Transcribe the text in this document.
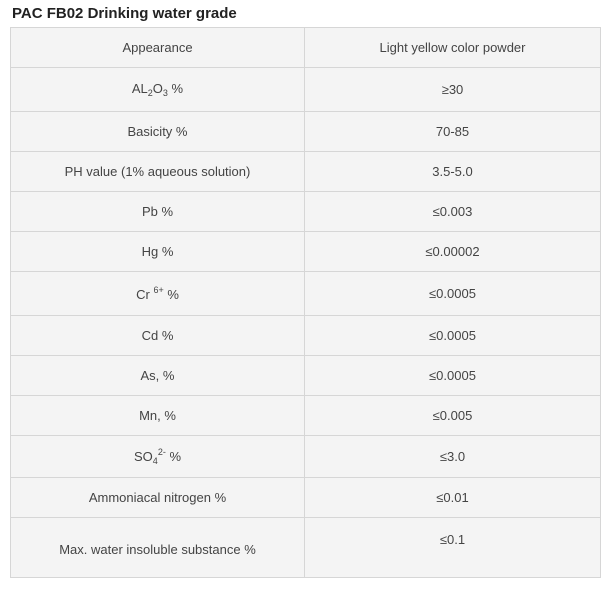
PAC FB02 Drinking water grade
Appearance	Light yellow color powder
$AL_2O_3$ %	≥30
Basicity %	70-85
PH value (1% aqueous solution)	3.5-5.0
Pb %	≤0.003
Hg %	≤0.00002
Cr $^{6+}$ %	≤0.0005
Cd %	≤0.0005
As, %	≤0.0005
Mn, %	≤0.005
$SO_4^{2-}$ %	≤3.0
Ammoniacal nitrogen %	≤0.01
Max. water insoluble substance %	≤0.1
